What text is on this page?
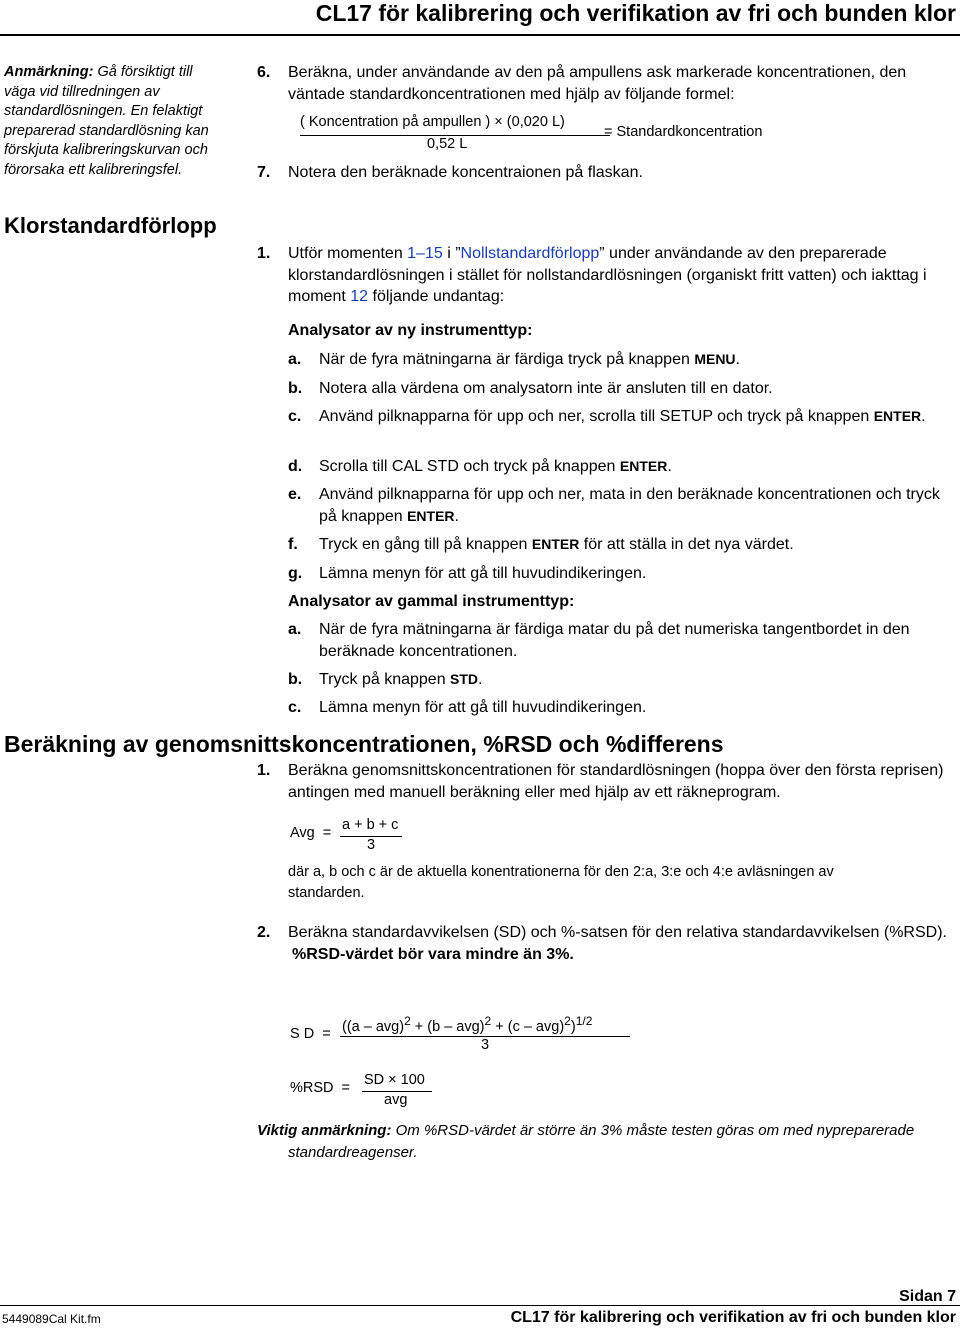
CL17 för kalibrering och verifikation av fri och bunden klor
Anmärkning: Gå försiktigt till väga vid tillredningen av standardlösningen. En felaktigt preparerad standardlösning kan förskjuta kalibreringskurvan och förorsaka ett kalibreringsfel.
6. Beräkna, under användande av den på ampullens ask markerade koncentrationen, den väntade standardkoncentrationen med hjälp av följande formel:
( Koncentration på ampullen ) × (0,020 L)
0,52 L
= Standardkoncentration
7. Notera den beräknade koncentraionen på flaskan.
Klorstandardförlopp
1. Utför momenten 1–15 i ”Nollstandardförlopp” under användande av den preparerade klorstandardlösningen i stället för nollstandardlösningen (organiskt fritt vatten) och iakttag i moment 12 följande undantag:
Analysator av ny instrumenttyp:
a. När de fyra mätningarna är färdiga tryck på knappen MENU.
b. Notera alla värdena om analysatorn inte är ansluten till en dator.
c. Använd pilknapparna för upp och ner, scrolla till SETUP och tryck på knappen ENTER.
d. Scrolla till CAL STD och tryck på knappen ENTER.
e. Använd pilknapparna för upp och ner, mata in den beräknade koncentrationen och tryck på knappen ENTER.
f. Tryck en gång till på knappen ENTER för att ställa in det nya värdet.
g. Lämna menyn för att gå till huvudindikeringen.
Analysator av gammal instrumenttyp:
a. När de fyra mätningarna är färdiga matar du på det numeriska tangentbordet in den beräknade koncentrationen.
b. Tryck på knappen STD.
c. Lämna menyn för att gå till huvudindikeringen.
Beräkning av genomsnittskoncentrationen, %RSD och %differens
1. Beräkna genomsnittskoncentrationen för standardlösningen (hoppa över den första reprisen) antingen med manuell beräkning eller med hjälp av ett räkneprogram.
Avg = a + b + c
3
där a, b och c är de aktuella konentrationerna för den 2:a, 3:e och 4:e avläsningen av standarden.
2. Beräkna standardavvikelsen (SD) och %-satsen för den relativa standardavvikelsen (%RSD).
%RSD-värdet bör vara mindre än 3%.
S $D = ((a - avg)^2 + (b - avg)^2 + (c - avg)^2)^{1/2}$
3
%RSD = SD × 100
avg
Viktig anmärkning: Om %RSD-värdet är större än 3% måste testen göras om med nypreparerade standardreagenser.
Sidan 7
5449089Cal Kit.fm	CL17 för kalibrering och verifikation av fri och bunden klor
